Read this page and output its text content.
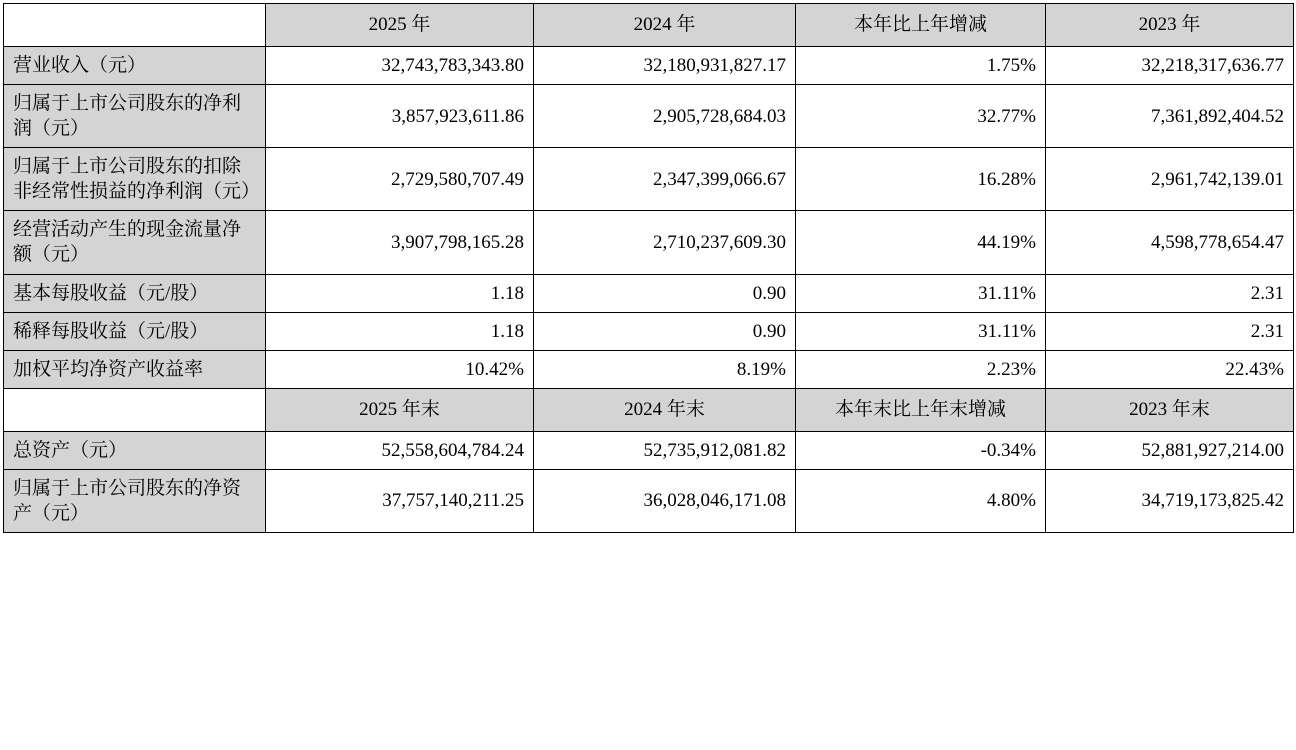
	2025 年	2024 年	本年比上年增减	2023 年
营业收入（元）	32,743,783,343.80	32,180,931,827.17	1.75%	32,218,317,636.77
归属于上市公司股东的净利润（元）	3,857,923,611.86	2,905,728,684.03	32.77%	7,361,892,404.52
归属于上市公司股东的扣除非经常性损益的净利润（元）	2,729,580,707.49	2,347,399,066.67	16.28%	2,961,742,139.01
经营活动产生的现金流量净额（元）	3,907,798,165.28	2,710,237,609.30	44.19%	4,598,778,654.47
基本每股收益（元/股）	1.18	0.90	31.11%	2.31
稀释每股收益（元/股）	1.18	0.90	31.11%	2.31
加权平均净资产收益率	10.42%	8.19%	2.23%	22.43%
	2025 年末	2024 年末	本年末比上年末增减	2023 年末
总资产（元）	52,558,604,784.24	52,735,912,081.82	-0.34%	52,881,927,214.00
归属于上市公司股东的净资产（元）	37,757,140,211.25	36,028,046,171.08	4.80%	34,719,173,825.42
